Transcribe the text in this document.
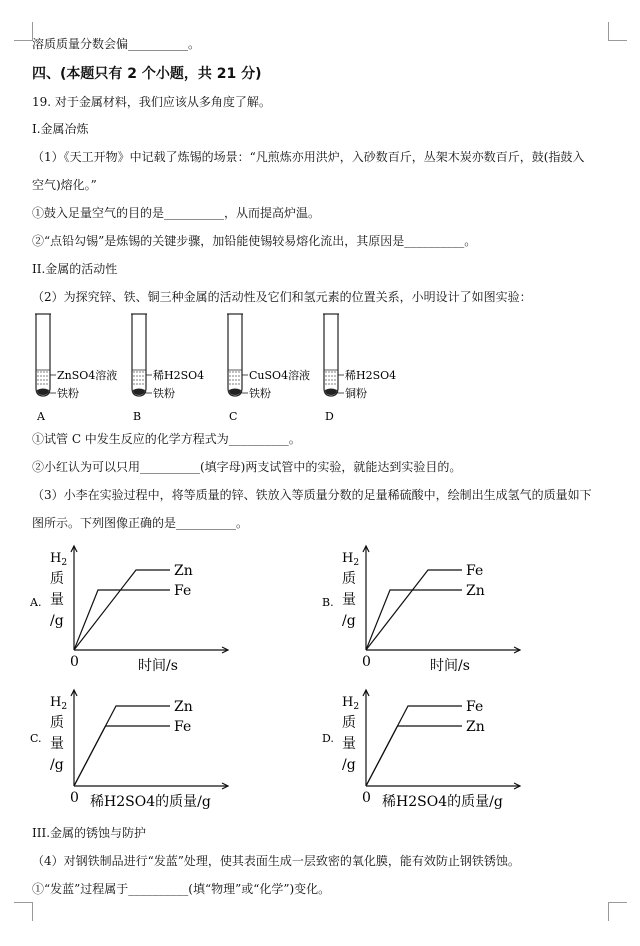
溶质质量分数会偏__________。
四、(本题只有 2 个小题，共 21 分)
19. 对于金属材料，我们应该从多角度了解。
I.金属冶炼
（1）《天工开物》中记载了炼锡的场景：“凡煎炼亦用洪炉，入砂数百斤，丛架木炭亦数百斤，鼓(指鼓入
空气)熔化。”
①鼓入足量空气的目的是__________，从而提高炉温。
②“点铅勾锡”是炼锡的关键步骤，加铅能使锡较易熔化流出，其原因是__________。
II.金属的活动性
（2）为探究锌、铁、铜三种金属的活动性及它们和氢元素的位置关系，小明设计了如图实验：
ZnSO4溶液
铁粉
A
稀H2SO4
铁粉
B
CuSO4溶液
铁粉
C
稀H2SO4
铜粉
D
①试管 C 中发生反应的化学方程式为__________。
②小红认为可以只用__________(填字母)两支试管中的实验，就能达到实验目的。
（3）小李在实验过程中，将等质量的锌、铁放入等质量分数的足量稀硫酸中，绘制出生成氢气的质量如下
图所示。下列图像正确的是__________。
$H_2$
质
量
/g
A.
0	时间/s
Zn
Fe
$H_2$
质
量
/g
B.
0	时间/s
Fe
Zn
$H_2$
质
量
/g
C.
0 稀H2SO4的质量/g
Zn
Fe
$H_2$
质
量
/g
D.
0 稀H2SO4的质量/g
Fe
Zn
III.金属的锈蚀与防护
（4）对钢铁制品进行“发蓝”处理，使其表面生成一层致密的氧化膜，能有效防止钢铁锈蚀。
①“发蓝”过程属于__________(填“物理”或“化学”)变化。
